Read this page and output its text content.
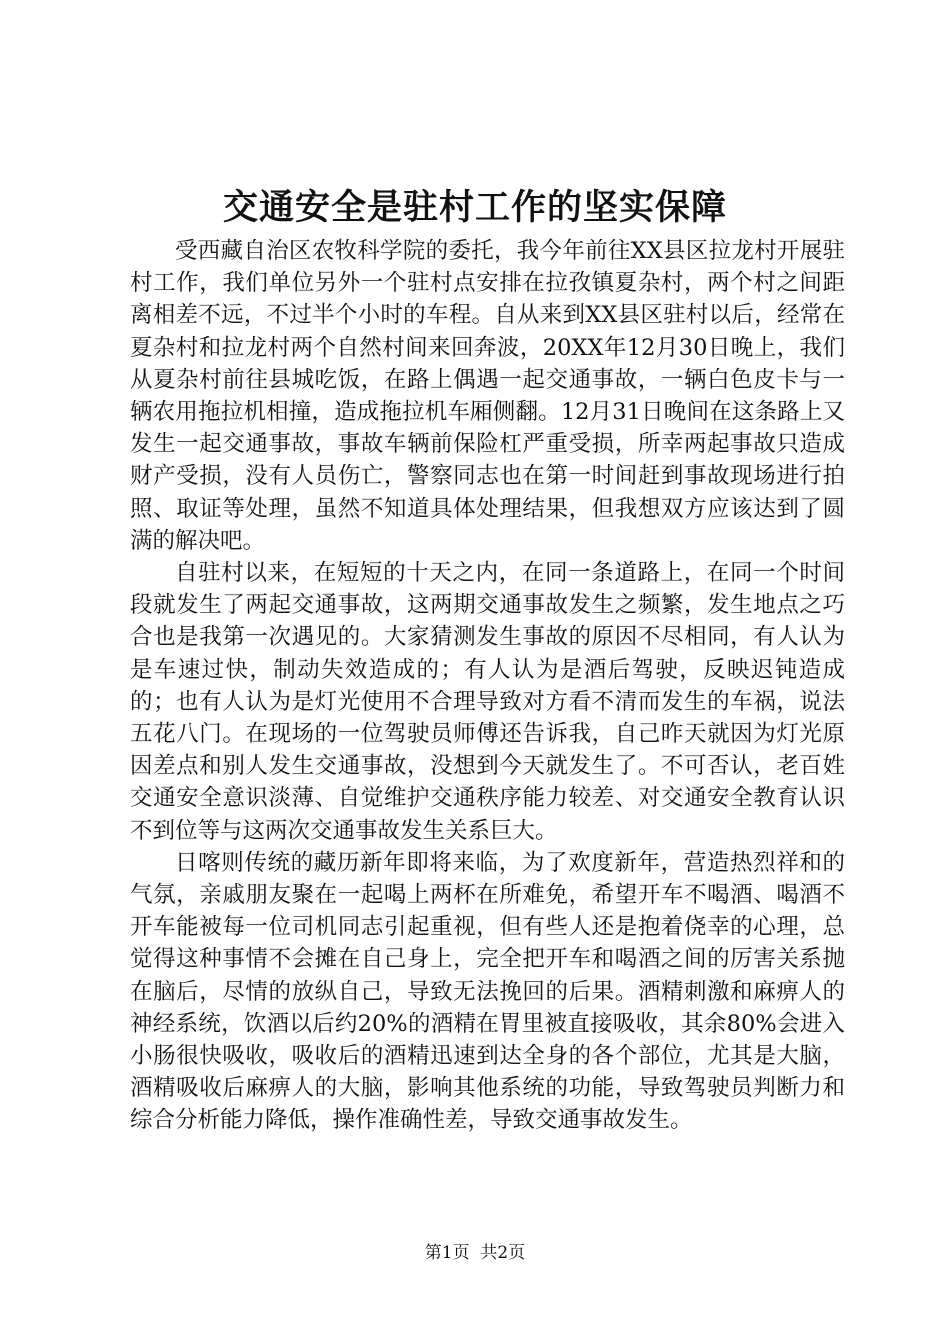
交通安全是驻村工作的坚实保障

受西藏自治区农牧科学院的委托，我今年前往XX县区拉龙村开展驻村工作，我们单位另外一个驻村点安排在拉孜镇夏杂村，两个村之间距离相差不远，不过半个小时的车程。自从来到XX县区驻村以后，经常在夏杂村和拉龙村两个自然村间来回奔波，20XX年12月30日晚上，我们从夏杂村前往县城吃饭，在路上偶遇一起交通事故，一辆白色皮卡与一辆农用拖拉机相撞，造成拖拉机车厢侧翻。12月31日晚间在这条路上又发生一起交通事故，事故车辆前保险杠严重受损，所幸两起事故只造成财产受损，没有人员伤亡，警察同志也在第一时间赶到事故现场进行拍照、取证等处理，虽然不知道具体处理结果，但我想双方应该达到了圆满的解决吧。

自驻村以来，在短短的十天之内，在同一条道路上，在同一个时间段就发生了两起交通事故，这两期交通事故发生之频繁，发生地点之巧合也是我第一次遇见的。大家猜测发生事故的原因不尽相同，有人认为是车速过快，制动失效造成的；有人认为是酒后驾驶，反映迟钝造成的；也有人认为是灯光使用不合理导致对方看不清而发生的车祸，说法五花八门。在现场的一位驾驶员师傅还告诉我，自己昨天就因为灯光原因差点和别人发生交通事故，没想到今天就发生了。不可否认，老百姓交通安全意识淡薄、自觉维护交通秩序能力较差、对交通安全教育认识不到位等与这两次交通事故发生关系巨大。

日喀则传统的藏历新年即将来临，为了欢度新年，营造热烈祥和的气氛，亲戚朋友聚在一起喝上两杯在所难免，希望开车不喝酒、喝酒不开车能被每一位司机同志引起重视，但有些人还是抱着侥幸的心理，总觉得这种事情不会摊在自己身上，完全把开车和喝酒之间的厉害关系抛在脑后，尽情的放纵自己，导致无法挽回的后果。酒精刺激和麻痹人的神经系统，饮酒以后约20%的酒精在胃里被直接吸收，其余80%会进入小肠很快吸收，吸收后的酒精迅速到达全身的各个部位，尤其是大脑，酒精吸收后麻痹人的大脑，影响其他系统的功能，导致驾驶员判断力和综合分析能力降低，操作准确性差，导致交通事故发生。

第1页  共2页
